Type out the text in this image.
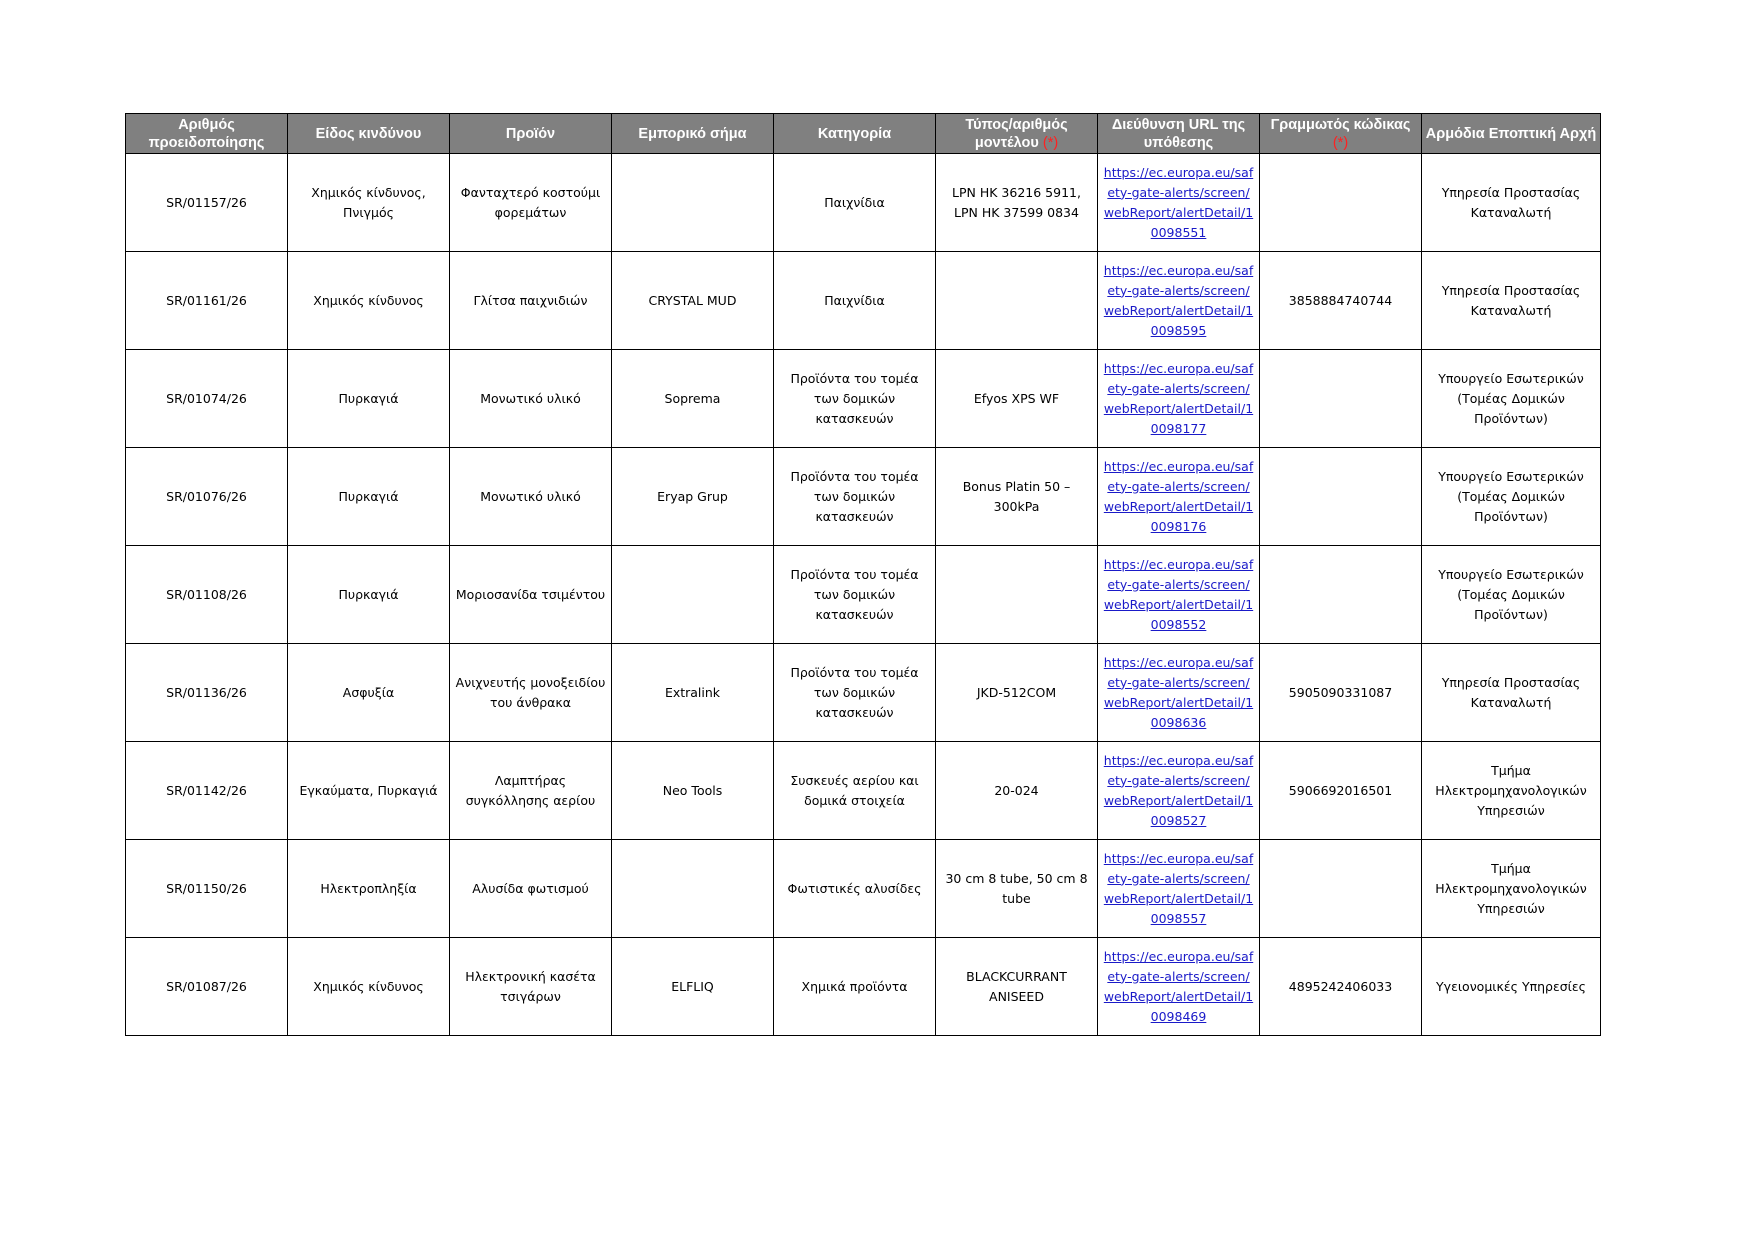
Αριθμός προειδοποίησης	Είδος κινδύνου	Προϊόν	Εμπορικό σήμα	Κατηγορία	Τύπος/αριθμός μοντέλου (*)	Διεύθυνση URL της υπόθεσης	Γραμμωτός κώδικας (*)	Αρμόδια Εποπτική Αρχή
SR/01157/26	Χημικός κίνδυνος, Πνιγμός	Φανταχτερό κοστούμι φορεμάτων		Παιχνίδια	LPN HK 36216 5911, LPN HK 37599 0834	https://ec.europa.eu/safety-gate-alerts/screen/webReport/alertDetail/10098551		Υπηρεσία Προστασίας Καταναλωτή
SR/01161/26	Χημικός κίνδυνος	Γλίτσα παιχνιδιών	CRYSTAL MUD	Παιχνίδια		https://ec.europa.eu/safety-gate-alerts/screen/webReport/alertDetail/10098595	3858884740744	Υπηρεσία Προστασίας Καταναλωτή
SR/01074/26	Πυρκαγιά	Μονωτικό υλικό	Soprema	Προϊόντα του τομέα των δομικών κατασκευών	Efyos XPS WF	https://ec.europa.eu/safety-gate-alerts/screen/webReport/alertDetail/10098177		Υπουργείο Εσωτερικών (Τομέας Δομικών Προϊόντων)
SR/01076/26	Πυρκαγιά	Μονωτικό υλικό	Eryap Grup	Προϊόντα του τομέα των δομικών κατασκευών	Bonus Platin 50 – 300kPa	https://ec.europa.eu/safety-gate-alerts/screen/webReport/alertDetail/10098176		Υπουργείο Εσωτερικών (Τομέας Δομικών Προϊόντων)
SR/01108/26	Πυρκαγιά	Μοριοσανίδα τσιμέντου		Προϊόντα του τομέα των δομικών κατασκευών		https://ec.europa.eu/safety-gate-alerts/screen/webReport/alertDetail/10098552		Υπουργείο Εσωτερικών (Τομέας Δομικών Προϊόντων)
SR/01136/26	Ασφυξία	Ανιχνευτής μονοξειδίου του άνθρακα	Extralink	Προϊόντα του τομέα των δομικών κατασκευών	JKD-512COM	https://ec.europa.eu/safety-gate-alerts/screen/webReport/alertDetail/10098636	5905090331087	Υπηρεσία Προστασίας Καταναλωτή
SR/01142/26	Εγκαύματα, Πυρκαγιά	Λαμπτήρας συγκόλλησης αερίου	Neo Tools	Συσκευές αερίου και δομικά στοιχεία	20-024	https://ec.europa.eu/safety-gate-alerts/screen/webReport/alertDetail/10098527	5906692016501	Τμήμα Ηλεκτρομηχανολογικών Υπηρεσιών
SR/01150/26	Ηλεκτροπληξία	Αλυσίδα φωτισμού		Φωτιστικές αλυσίδες	30 cm 8 tube, 50 cm 8 tube	https://ec.europa.eu/safety-gate-alerts/screen/webReport/alertDetail/10098557		Τμήμα Ηλεκτρομηχανολογικών Υπηρεσιών
SR/01087/26	Χημικός κίνδυνος	Ηλεκτρονική κασέτα τσιγάρων	ELFLIQ	Χημικά προϊόντα	BLACKCURRANT ANISEED	https://ec.europa.eu/safety-gate-alerts/screen/webReport/alertDetail/10098469	4895242406033	Υγειονομικές Υπηρεσίες
